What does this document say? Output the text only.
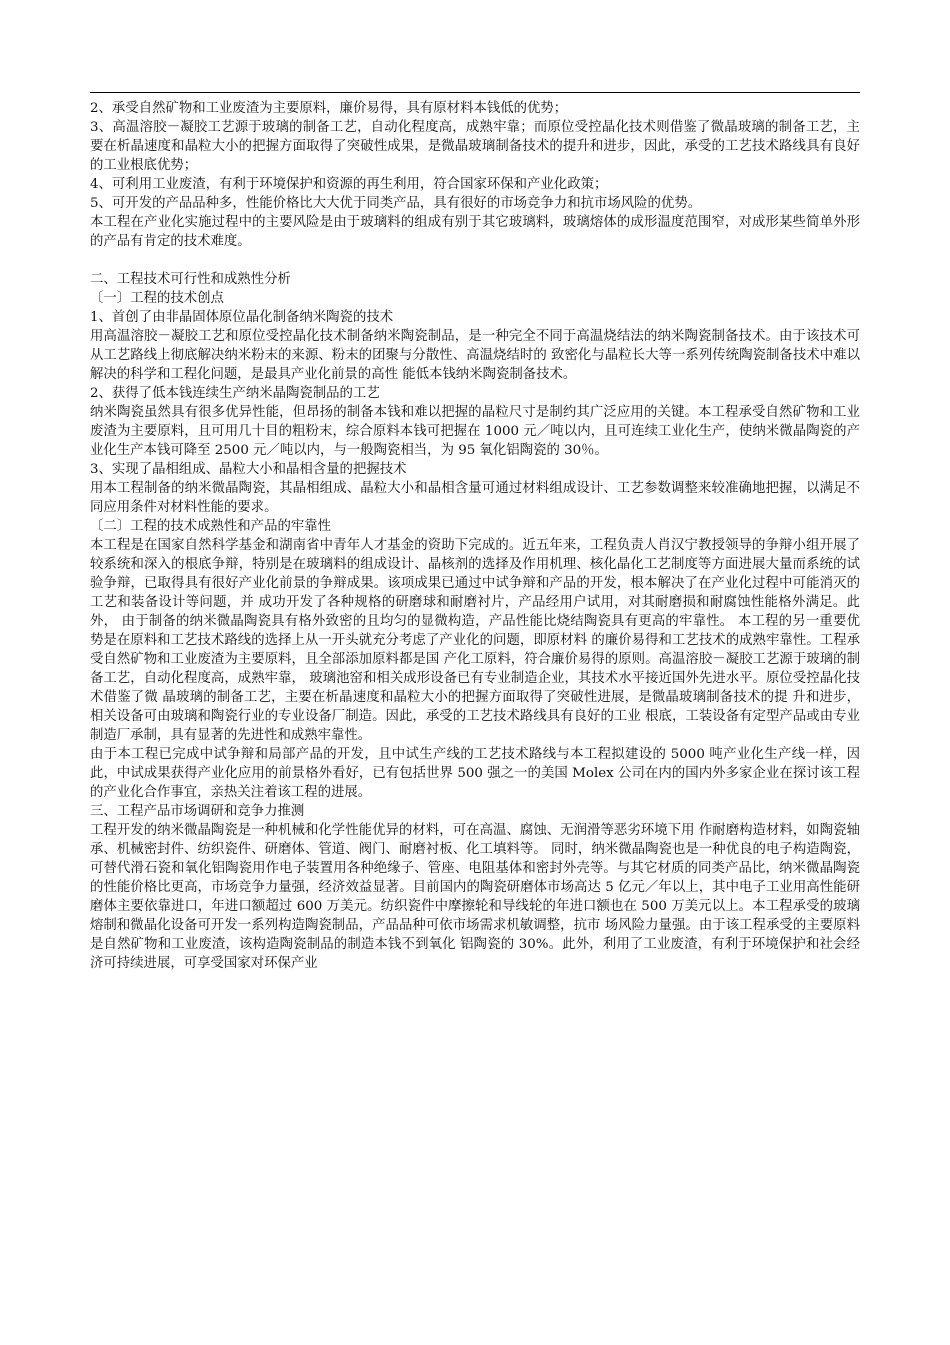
2、承受自然矿物和工业废渣为主要原料，廉价易得，具有原材料本钱低的优势；

3、高温溶胶－凝胶工艺源于玻璃的制备工艺，自动化程度高，成熟牢靠；而原位受控晶化技术则借鉴了微晶玻璃的制备工艺，主要在析晶速度和晶粒大小的把握方面取得了突破性成果，是微晶玻璃制备技术的提升和进步，因此，承受的工艺技术路线具有良好的工业根底优势；

4、可利用工业废渣，有利于环境保护和资源的再生利用，符合国家环保和产业化政策；

5、可开发的产品品种多，性能价格比大大优于同类产品，具有很好的市场竞争力和抗市场风险的优势。

本工程在产业化实施过程中的主要风险是由于玻璃料的组成有别于其它玻璃料，玻璃熔体的成形温度范围窄，对成形某些简单外形的产品有肯定的技术难度。

二、工程技术可行性和成熟性分析

〔一〕工程的技术创点

1、首创了由非晶固体原位晶化制备纳米陶瓷的技术

用高温溶胶－凝胶工艺和原位受控晶化技术制备纳米陶瓷制品，是一种完全不同于高温烧结法的纳米陶瓷制备技术。由于该技术可从工艺路线上彻底解决纳米粉末的来源、粉末的团聚与分散性、高温烧结时的 致密化与晶粒长大等一系列传统陶瓷制备技术中难以解决的科学和工程化问题，是最具产业化前景的高性 能低本钱纳米陶瓷制备技术。

2、获得了低本钱连续生产纳米晶陶瓷制品的工艺

纳米陶瓷虽然具有很多优异性能，但昂扬的制备本钱和难以把握的晶粒尺寸是制约其广泛应用的关键。本工程承受自然矿物和工业废渣为主要原料，且可用几十目的粗粉末，综合原料本钱可把握在 1000 元／吨以内，且可连续工业化生产，使纳米微晶陶瓷的产业化生产本钱可降至 2500 元／吨以内，与一般陶瓷相当，为 95 氧化铝陶瓷的 30％。

3、实现了晶相组成、晶粒大小和晶相含量的把握技术

用本工程制备的纳米微晶陶瓷，其晶相组成、晶粒大小和晶相含量可通过材料组成设计、工艺参数调整来较准确地把握，以满足不同应用条件对材料性能的要求。

〔二〕工程的技术成熟性和产品的牢靠性

本工程是在国家自然科学基金和湖南省中青年人才基金的资助下完成的。近五年来，工程负责人肖汉宁教授领导的争辩小组开展了较系统和深入的根底争辩，特别是在玻璃料的组成设计、晶核剂的选择及作用机理、核化晶化工艺制度等方面进展大量而系统的试验争辩，已取得具有很好产业化前景的争辩成果。该项成果已通过中试争辩和产品的开发，根本解决了在产业化过程中可能消灭的工艺和装备设计等问题，并 成功开发了各种规格的研磨球和耐磨衬片，产品经用户试用，对其耐磨损和耐腐蚀性能格外满足。此外， 由于制备的纳米微晶陶瓷具有格外致密的且均匀的显微构造，产品性能比烧结陶瓷具有更高的牢靠性。 本工程的另一重要优势是在原料和工艺技术路线的选择上从一开头就充分考虑了产业化的问题，即原材料 的廉价易得和工艺技术的成熟牢靠性。工程承受自然矿物和工业废渣为主要原料，且全部添加原料都是国 产化工原料，符合廉价易得的原则。高温溶胶－凝胶工艺源于玻璃的制备工艺，自动化程度高，成熟牢靠， 玻璃池窑和相关成形设备已有专业制造企业，其技术水平接近国外先进水平。原位受控晶化技术借鉴了微 晶玻璃的制备工艺，主要在析晶速度和晶粒大小的把握方面取得了突破性进展，是微晶玻璃制备技术的提 升和进步，相关设备可由玻璃和陶瓷行业的专业设备厂制造。因此，承受的工艺技术路线具有良好的工业 根底，工装设备有定型产品或由专业制造厂承制，具有显著的先进性和成熟牢靠性。

由于本工程已完成中试争辩和局部产品的开发，且中试生产线的工艺技术路线与本工程拟建设的 5000 吨产业化生产线一样，因此，中试成果获得产业化应用的前景格外看好，已有包括世界 500 强之一的美国 Molex 公司在内的国内外多家企业在探讨该工程的产业化合作事宜，亲热关注着该工程的进展。

三、工程产品市场调研和竞争力推测

工程开发的纳米微晶陶瓷是一种机械和化学性能优异的材料，可在高温、腐蚀、无润滑等恶劣环境下用 作耐磨构造材料，如陶瓷轴承、机械密封件、纺织瓷件、研磨体、管道、阀门、耐磨衬板、化工填料等。 同时，纳米微晶陶瓷也是一种优良的电子构造陶瓷，可替代滑石瓷和氧化铝陶瓷用作电子装置用各种绝缘子、管座、电阻基体和密封外壳等。与其它材质的同类产品比，纳米微晶陶瓷的性能价格比更高，市场竞争力量强，经济效益显著。目前国内的陶瓷研磨体市场高达 5 亿元／年以上，其中电子工业用高性能研磨体主要依靠进口，年进口额超过 600 万美元。纺织瓷件中摩擦轮和导线轮的年进口额也在 500 万美元以上。本工程承受的玻璃熔制和微晶化设备可开发一系列构造陶瓷制品，产品品种可依市场需求机敏调整，抗市 场风险力量强。由于该工程承受的主要原料是自然矿物和工业废渣，该构造陶瓷制品的制造本钱不到氧化 铝陶瓷的 30%。此外，利用了工业废渣，有利于环境保护和社会经济可持续进展，可享受国家对环保产业
